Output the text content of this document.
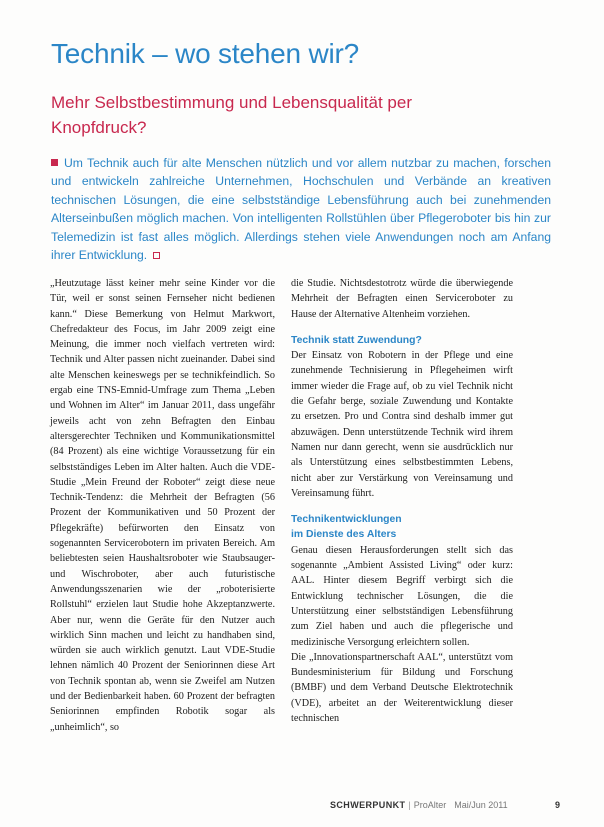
Technik – wo stehen wir?
Mehr Selbstbestimmung und Lebensqualität per Knopfdruck?
Um Technik auch für alte Menschen nützlich und vor allem nutzbar zu machen, forschen und entwickeln zahlreiche Unternehmen, Hochschulen und Verbände an kreativen technischen Lösungen, die eine selbstständige Lebensführung auch bei zunehmenden Alterseinbußen möglich machen. Von intelligenten Rollstühlen über Pflegeroboter bis hin zur Telemedizin ist fast alles möglich. Allerdings stehen viele Anwendungen noch am Anfang ihrer Entwicklung.

„Heutzutage lässt keiner mehr seine Kinder vor die Tür, weil er sonst seinen Fernseher nicht bedienen kann.“ Diese Bemerkung von Helmut Markwort, Chefredakteur des Focus, im Jahr 2009 zeigt eine Meinung, die immer noch vielfach vertreten wird: Technik und Alter passen nicht zueinander. Dabei sind alte Menschen keineswegs per se technikfeindlich. So ergab eine TNS-Emnid-Umfrage zum Thema „Leben und Wohnen im Alter“ im Januar 2011, dass ungefähr jeweils acht von zehn Befragten den Einbau altersgerechter Techniken und Kommunikationsmittel (84 Prozent) als eine wichtige Voraussetzung für ein selbstständiges Leben im Alter halten. Auch die VDE-Studie „Mein Freund der Roboter“ zeigt diese neue Technik-Tendenz: die Mehrheit der Befragten (56 Prozent der Kommunikativen und 50 Prozent der Pflegekräfte) befürworten den Einsatz von sogenannten Servicerobotern im privaten Bereich. Am beliebtesten seien Haushaltsroboter wie Staubsauger- und Wischroboter, aber auch futuristische Anwendungsszenarien wie der „roboterisierte Rollstuhl“ erzielen laut Studie hohe Akzeptanzwerte. Aber nur, wenn die Geräte für den Nutzer auch wirklich Sinn machen und leicht zu handhaben sind, würden sie auch wirklich genutzt. Laut VDE-Studie lehnen nämlich 40 Prozent der Seniorinnen diese Art von Technik spontan ab, wenn sie Zweifel am Nutzen und der Bedienbarkeit haben. 60 Prozent der befragten Seniorinnen empfinden Robotik sogar als „unheimlich“, so

die Studie. Nichtsdestotrotz würde die überwiegende Mehrheit der Befragten einen Serviceroboter zu Hause der Alternative Altenheim vorziehen.

Technik statt Zuwendung?

Der Einsatz von Robotern in der Pflege und eine zunehmende Technisierung in Pflegeheimen wirft immer wieder die Frage auf, ob zu viel Technik nicht die Gefahr berge, soziale Zuwendung und Kontakte zu ersetzen. Pro und Contra sind deshalb immer gut abzuwägen. Denn unterstützende Technik wird ihrem Namen nur dann gerecht, wenn sie ausdrücklich nur als Unterstützung eines selbstbestimmten Lebens, nicht aber zur Verstärkung von Vereinsamung und Vereinsamung führt.

Technikentwicklungen

im Dienste des Alters

Genau diesen Herausforderungen stellt sich das sogenannte „Ambient Assisted Living“ oder kurz: AAL. Hinter diesem Begriff verbirgt sich die Entwicklung technischer Lösungen, die die Unterstützung einer selbstständigen Lebensführung zum Ziel haben und auch die pflegerische und medizinische Versorgung erleichtern sollen.

Die „Innovationspartnerschaft AAL“, unterstützt vom Bundesministerium für Bildung und Forschung (BMBF) und dem Verband Deutsche Elektrotechnik (VDE), arbeitet an der Weiterentwicklung dieser technischen

SCHWERPUNKT | ProAlter Mai/Jun 2011	9
